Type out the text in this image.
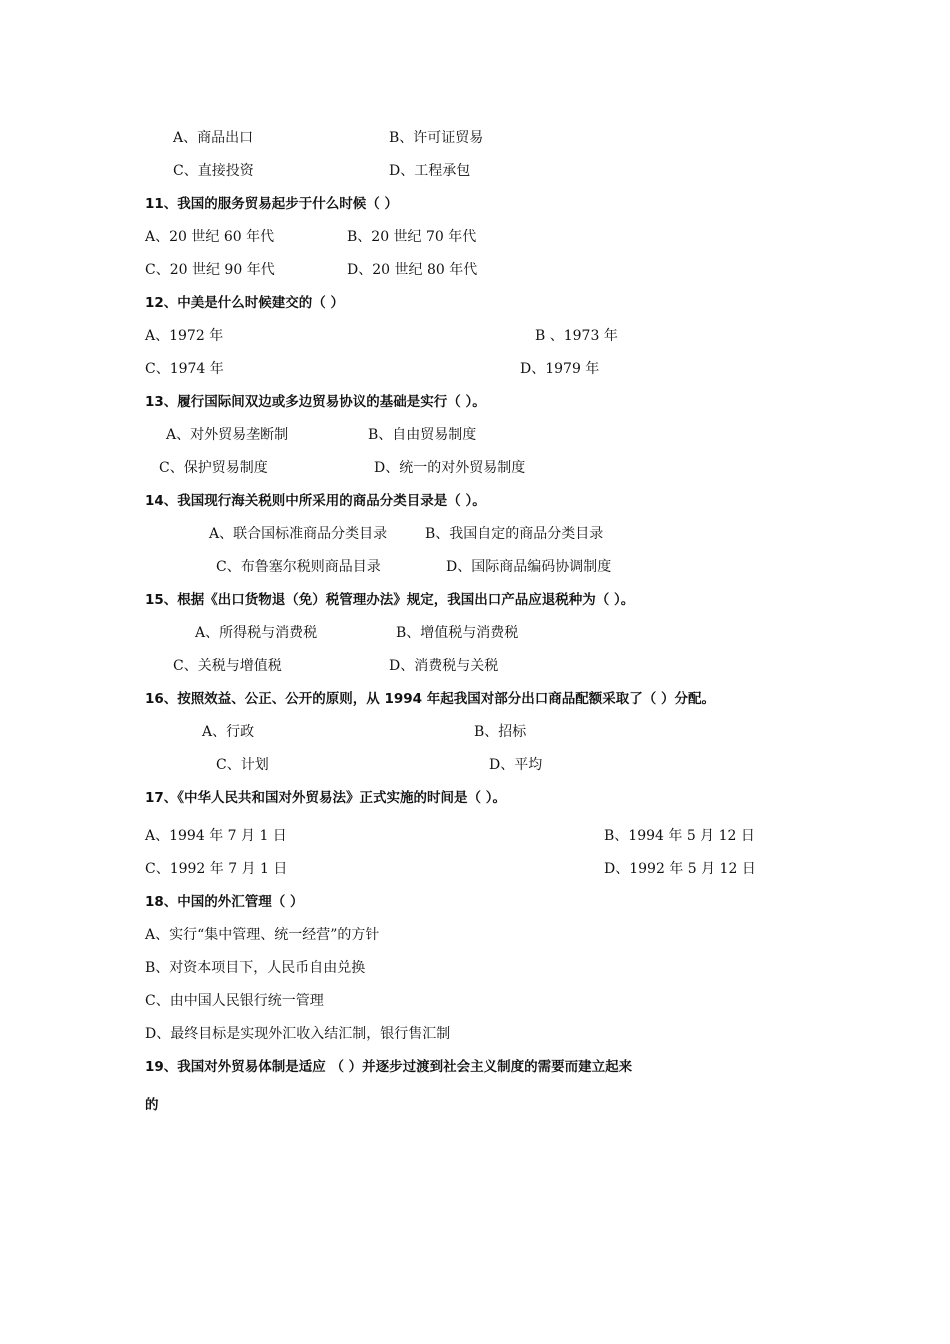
A、商品出口	B、许可证贸易
C、直接投资	D、工程承包
11、我国的服务贸易起步于什么时候（ ）
A、20 世纪 60 年代	B、20 世纪 70 年代
C、20 世纪 90 年代	D、20 世纪 80 年代
12、中美是什么时候建交的（ ）
A、1972 年	B 、1973 年
C、1974 年	D、1979 年
13、履行国际间双边或多边贸易协议的基础是实行（ ）。
A、对外贸易垄断制	B、自由贸易制度
C、保护贸易制度	D、统一的对外贸易制度
14、我国现行海关税则中所采用的商品分类目录是（ ）。
A、联合国标准商品分类目录	B、我国自定的商品分类目录
C、布鲁塞尔税则商品目录	D、国际商品编码协调制度
15、根据《出口货物退（免）税管理办法》规定，我国出口产品应退税种为（ ）。
A、所得税与消费税	B、增值税与消费税
C、关税与增值税	D、消费税与关税
16、按照效益、公正、公开的原则，从 1994 年起我国对部分出口商品配额采取了（ ）分配。
A、行政	B、招标
C、计划	D、平均
17、《中华人民共和国对外贸易法》正式实施的时间是（ ）。
A、1994 年 7 月 1 日	B、1994 年 5 月 12 日
C、1992 年 7 月 1 日	D、1992 年 5 月 12 日
18、中国的外汇管理（ ）
A、实行“集中管理、统一经营”的方针
B、对资本项目下，人民币自由兑换
C、由中国人民银行统一管理
D、最终目标是实现外汇收入结汇制，银行售汇制
19、我国对外贸易体制是适应 （ ）并逐步过渡到社会主义制度的需要而建立起来
的
